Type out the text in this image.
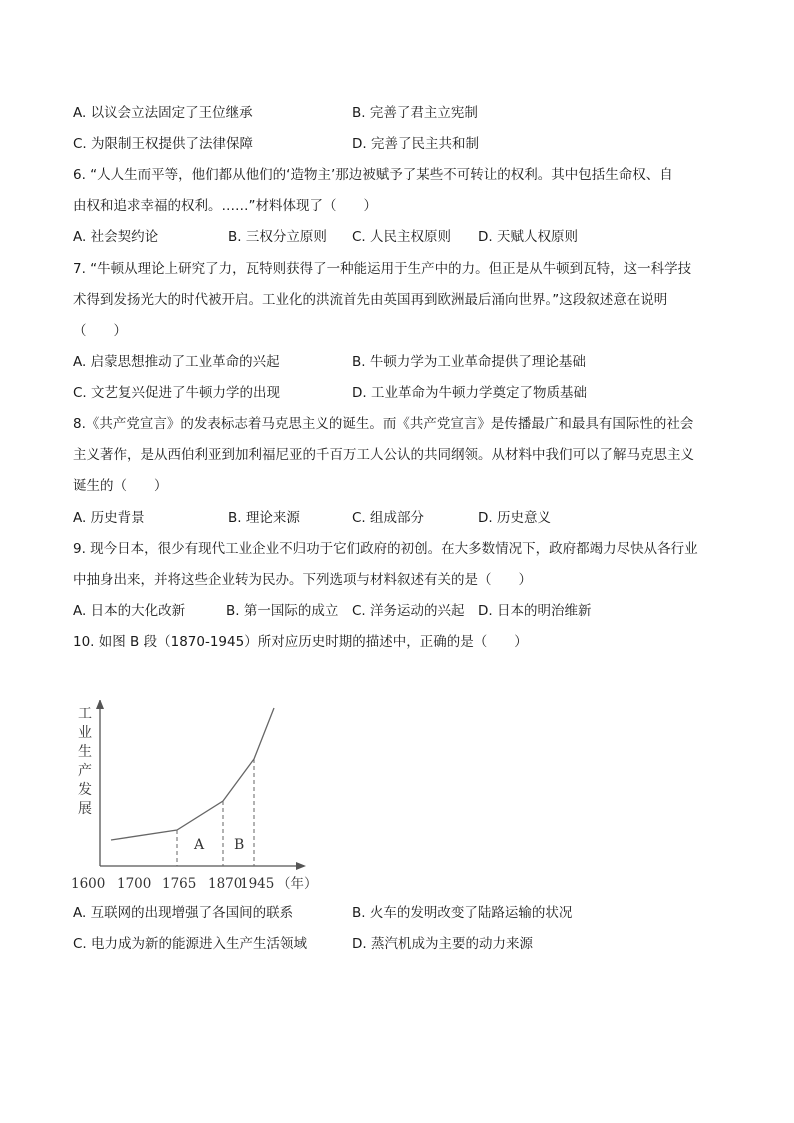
A. 以议会立法固定了王位继承	B. 完善了君主立宪制
C. 为限制王权提供了法律保障	D. 完善了民主共和制
6. “人人生而平等，他们都从他们的‘造物主’那边被赋予了某些不可转让的权利。其中包括生命权、自
由权和追求幸福的权利。……”材料体现了（　　）
A. 社会契约论	B. 三权分立原则 C. 人民主权原则 D. 天赋人权原则
7. “牛顿从理论上研究了力，瓦特则获得了一种能运用于生产中的力。但正是从牛顿到瓦特，这一科学技
术得到发扬光大的时代被开启。工业化的洪流首先由英国再到欧洲最后涌向世界。”这段叙述意在说明
（　　）
A. 启蒙思想推动了工业革命的兴起	B. 牛顿力学为工业革命提供了理论基础
C. 文艺复兴促进了牛顿力学的出现	D. 工业革命为牛顿力学奠定了物质基础
8.《共产党宣言》的发表标志着马克思主义的诞生。而《共产党宣言》是传播最广和最具有国际性的社会
主义著作，是从西伯利亚到加利福尼亚的千百万工人公认的共同纲领。从材料中我们可以了解马克思主义
诞生的（　　）
A. 历史背景	B. 理论来源	C. 组成部分	D. 历史意义
9. 现今日本，很少有现代工业企业不归功于它们政府的初创。在大多数情况下，政府都竭力尽快从各行业
中抽身出来，并将这些企业转为民办。下列选项与材料叙述有关的是（　　）
A. 日本的大化改新	B. 第一国际的成立 C. 洋务运动的兴起 D. 日本的明治维新
10. 如图 B 段（1870-1945）所对应历史时期的描述中，正确的是（　　）
工
业
生
产
发
展
A B
1600 1700 1765 1870
1945 （年）
A. 互联网的出现增强了各国间的联系	B. 火车的发明改变了陆路运输的状况
C. 电力成为新的能源进入生产生活领域	D. 蒸汽机成为主要的动力来源
